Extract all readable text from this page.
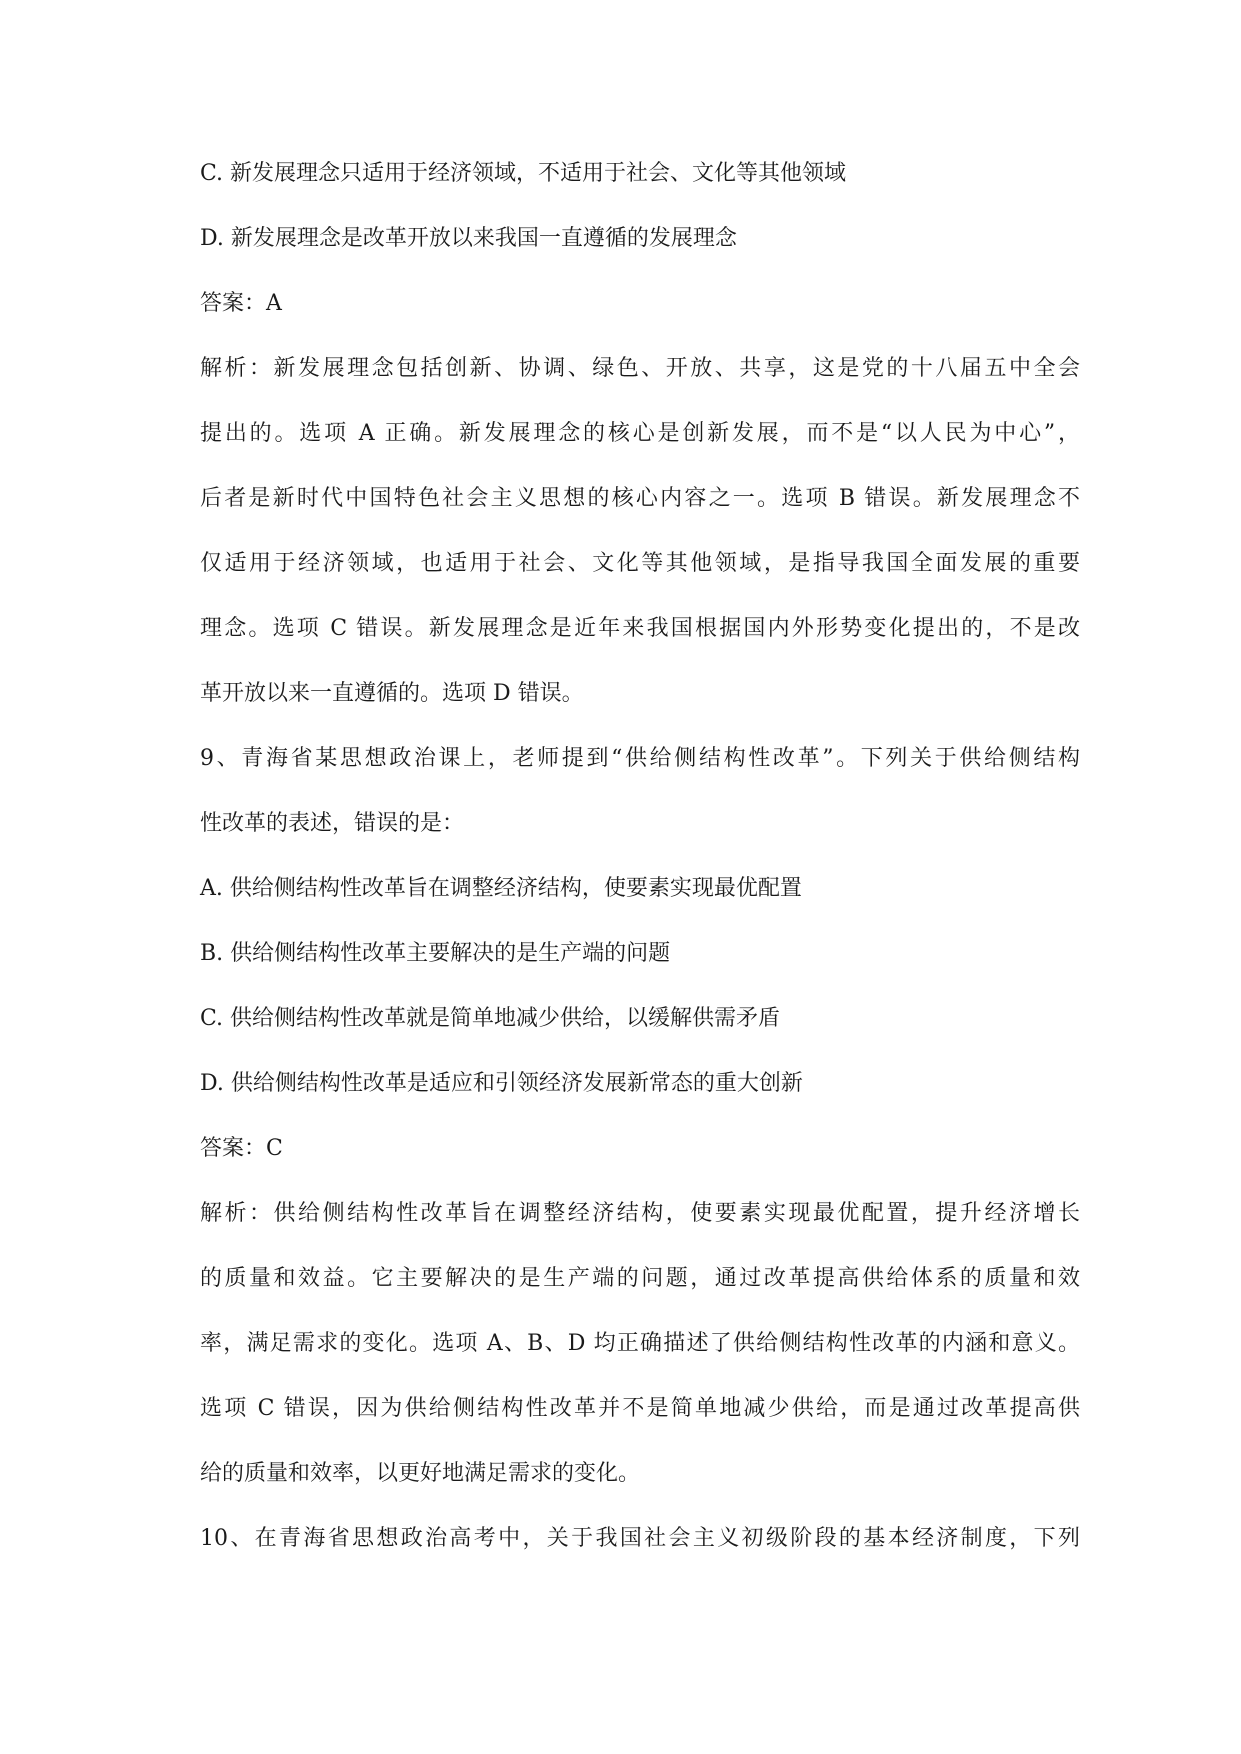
C. 新发展理念只适用于经济领域，不适用于社会、文化等其他领域
D. 新发展理念是改革开放以来我国一直遵循的发展理念
答案：A
解析：新发展理念包括创新、协调、绿色、开放、共享，这是党的十八届五中全会
提出的。选项 A 正确。新发展理念的核心是创新发展，而不是“以人民为中心”，
后者是新时代中国特色社会主义思想的核心内容之一。选项 B 错误。新发展理念不
仅适用于经济领域，也适用于社会、文化等其他领域，是指导我国全面发展的重要
理念。选项 C 错误。新发展理念是近年来我国根据国内外形势变化提出的，不是改
革开放以来一直遵循的。选项 D 错误。
9、青海省某思想政治课上，老师提到“供给侧结构性改革”。下列关于供给侧结构
性改革的表述，错误的是：
A. 供给侧结构性改革旨在调整经济结构，使要素实现最优配置
B. 供给侧结构性改革主要解决的是生产端的问题
C. 供给侧结构性改革就是简单地减少供给，以缓解供需矛盾
D. 供给侧结构性改革是适应和引领经济发展新常态的重大创新
答案：C
解析：供给侧结构性改革旨在调整经济结构，使要素实现最优配置，提升经济增长
的质量和效益。它主要解决的是生产端的问题，通过改革提高供给体系的质量和效
率，满足需求的变化。选项 A、B、D 均正确描述了供给侧结构性改革的内涵和意义。
选项 C 错误，因为供给侧结构性改革并不是简单地减少供给，而是通过改革提高供
给的质量和效率，以更好地满足需求的变化。
10、在青海省思想政治高考中，关于我国社会主义初级阶段的基本经济制度，下列
